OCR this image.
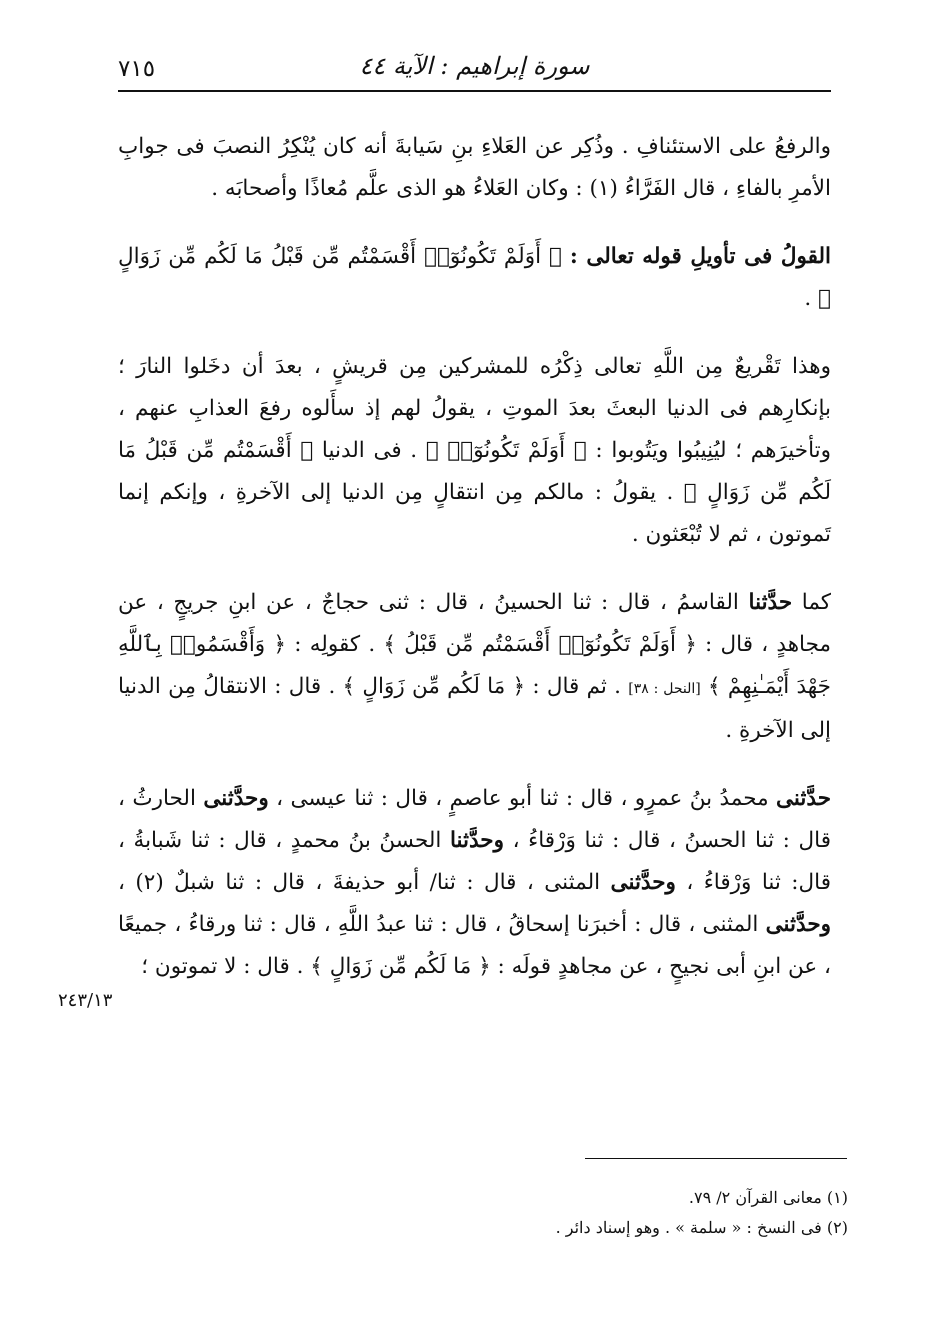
سورة إبراهيم : الآية ٤٤
٧١٥

والرفعُ على الاستئنافِ . وذُكِر عن العَلاءِ بنِ سَيابةَ أنه كان يُنْكِرُ النصبَ فى جوابِ الأمرِ بالفاءِ ، قال الفَرَّاءُ (١) : وكان العَلاءُ هو الذى علَّم مُعاذًا وأصحابَه .

القولُ فى تأويلِ قوله تعالى : ﴿ أَوَلَمْ تَكُونُوٓا۟ أَقْسَمْتُم مِّن قَبْلُ مَا لَكُم مِّن زَوَالٍ ﴾ .

وهذا تَقْريعٌ مِن اللَّهِ تعالى ذِكْرُه للمشركين مِن قريشٍ ، بعدَ أن دخَلوا النارَ ؛ بإنكارِهم فى الدنيا البعثَ بعدَ الموتِ ، يقولُ لهم إذ سأَلوه رفعَ العذابِ عنهم ، وتأخيرَهم ؛ ليُنِيبُوا ويَتُوبوا : ﴿ أَوَلَمْ تَكُونُوٓا۟ ﴾ . فى الدنيا ﴿ أَقْسَمْتُم مِّن قَبْلُ مَا لَكُم مِّن زَوَالٍ ﴾ . يقولُ : مالكم مِن انتقالٍ مِن الدنيا إلى الآخرةِ ، وإنكم إنما تَموتون ، ثم لا تُبْعَثون .

كما حدَّثنا القاسمُ ، قال : ثنا الحسينُ ، قال : ثنى حجاجٌ ، عن ابنِ جريجٍ ، عن مجاهدٍ ، قال : ﴿ أَوَلَمْ تَكُونُوٓا۟ أَقْسَمْتُم مِّن قَبْلُ ﴾ . كقولِه : ﴿ وَأَقْسَمُوا۟ بِٱللَّهِ جَهْدَ أَيْمَـٰنِهِمْ ﴾ [النحل : ٣٨] . ثم قال : ﴿ مَا لَكُم مِّن زَوَالٍ ﴾ . قال : الانتقالُ مِن الدنيا إلى الآخرةِ .

حدَّثنى محمدُ بنُ عمرٍو ، قال : ثنا أبو عاصمٍ ، قال : ثنا عيسى ، وحدَّثنى الحارثُ ، قال : ثنا الحسنُ ، قال : ثنا وَرْقاءُ ، وحدَّثنا الحسنُ بنُ محمدٍ ، قال : ثنا شَبابةُ ، قال: ثنا وَرْقاءُ ، وحدَّثنى المثنى ، قال : ثنا/ أبو حذيفةَ ، قال : ثنا شبلٌ (٢) ، وحدَّثنى المثنى ، قال : أخبرَنا إسحاقُ ، قال : ثنا عبدُ اللَّهِ ، قال : ثنا ورقاءُ ، جميعًا ، عن ابنِ أبى نجيحٍ ، عن مجاهدٍ قولَه : ﴿ مَا لَكُم مِّن زَوَالٍ ﴾ . قال : لا تموتون ؛

٢٤٣/١٣

(١) معانى القرآن ٢/ ٧٩.

(٢) فى النسخ : « سلمة » . وهو إسناد دائر .
